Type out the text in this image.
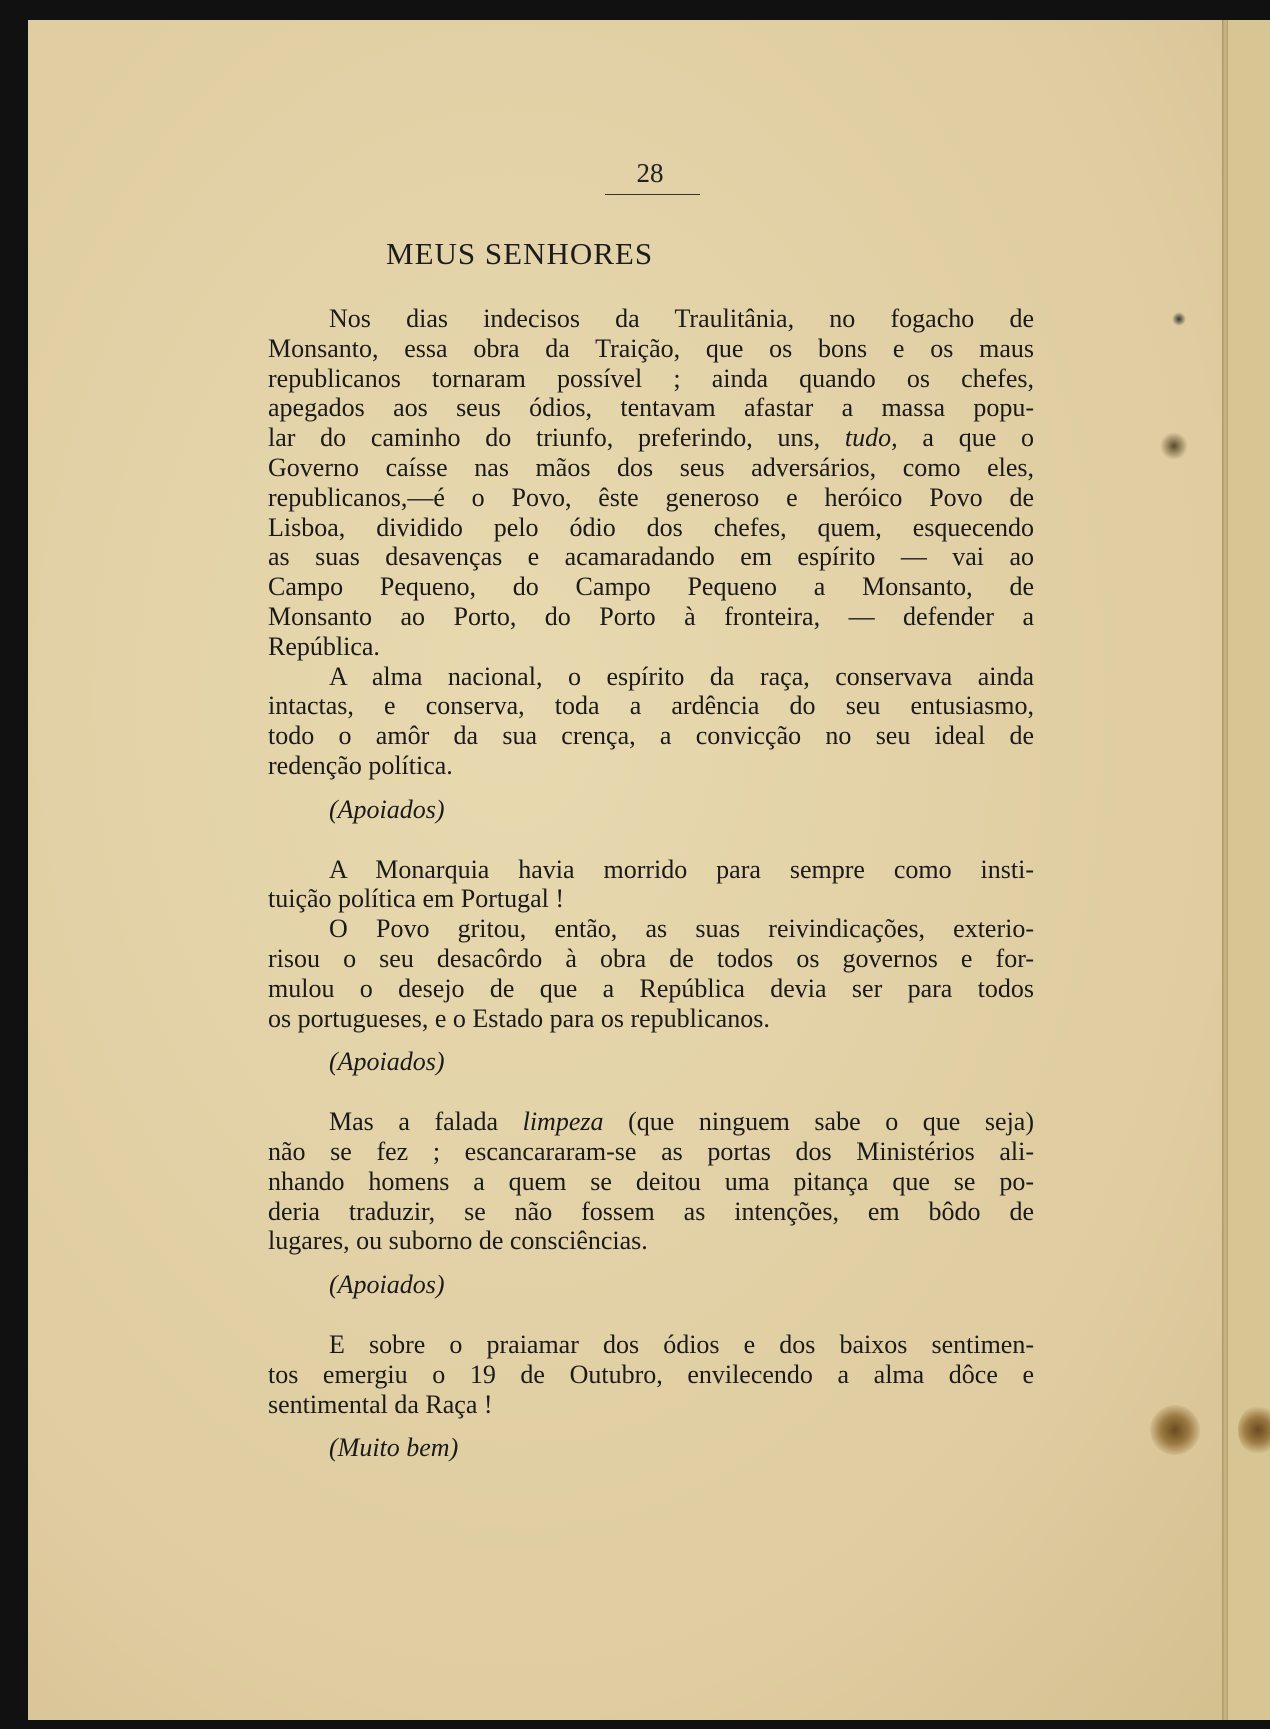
28
MEUS SENHORES
Nos dias indecisos da Traulitânia, no fogacho de
Monsanto, essa obra da Traição, que os bons e os maus
republicanos tornaram possível ; ainda quando os chefes,
apegados aos seus ódios, tentavam afastar a massa popu-
lar do caminho do triunfo, preferindo, uns, tudo, a que o
Governo caísse nas mãos dos seus adversários, como eles,
republicanos,—é o Povo, êste generoso e heróico Povo de
Lisboa, dividido pelo ódio dos chefes, quem, esquecendo
as suas desavenças e acamaradando em espírito — vai ao
Campo Pequeno, do Campo Pequeno a Monsanto, de
Monsanto ao Porto, do Porto à fronteira, — defender a
República.
A alma nacional, o espírito da raça, conservava ainda
intactas, e conserva, toda a ardência do seu entusiasmo,
todo o amôr da sua crença, a convicção no seu ideal de
redenção política.
(Apoiados)
A Monarquia havia morrido para sempre como insti-
tuição política em Portugal !
O Povo gritou, então, as suas reivindicações, exterio-
risou o seu desacôrdo à obra de todos os governos e for-
mulou o desejo de que a República devia ser para todos
os portugueses, e o Estado para os republicanos.
(Apoiados)
Mas a falada limpeza (que ninguem sabe o que seja)
não se fez ; escancararam-se as portas dos Ministérios ali-
nhando homens a quem se deitou uma pitança que se po-
deria traduzir, se não fossem as intenções, em bôdo de
lugares, ou suborno de consciências.
(Apoiados)
E sobre o praiamar dos ódios e dos baixos sentimen-
tos emergiu o 19 de Outubro, envilecendo a alma dôce e
sentimental da Raça !
(Muito bem)
